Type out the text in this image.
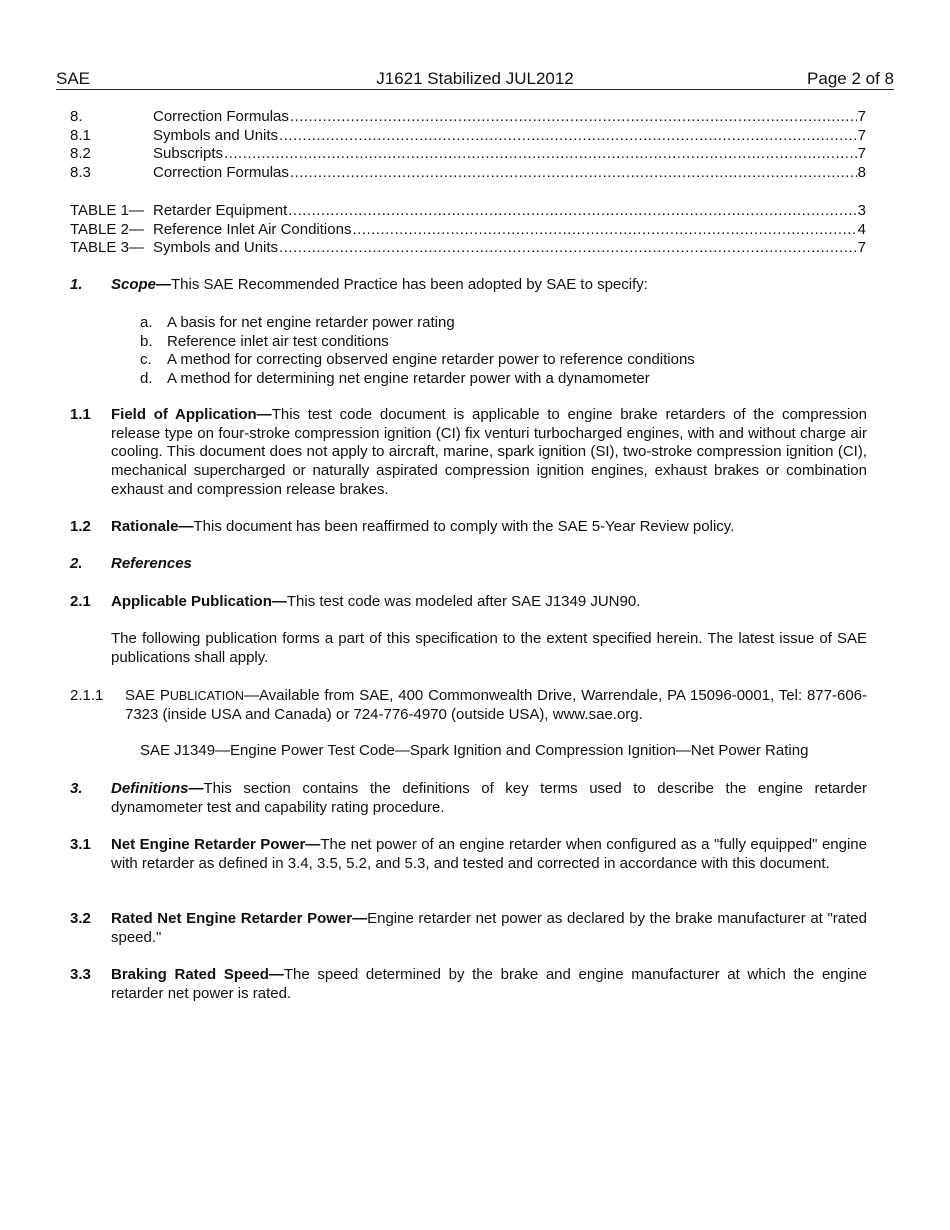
SAE	J1621 Stabilized JUL2012	Page 2 of 8
8.	Correction Formulas .....	7
8.1	Symbols and Units .....	7
8.2	Subscripts .....	7
8.3	Correction Formulas .....	8
TABLE 1— Retarder Equipment .....	3
TABLE 2— Reference Inlet Air Conditions .....	4
TABLE 3— Symbols and Units .....	7
1. Scope—This SAE Recommended Practice has been adopted by SAE to specify:
a. A basis for net engine retarder power rating
b. Reference inlet air test conditions
c.	A method for correcting observed engine retarder power to reference conditions
d. A method for determining net engine retarder power with a dynamometer
1.1 Field of Application—This test code document is applicable to engine brake retarders of the compression release type on four-stroke compression ignition (CI) fix venturi turbocharged engines, with and without charge air cooling. This document does not apply to aircraft, marine, spark ignition (SI), two-stroke compression ignition (CI), mechanical supercharged or naturally aspirated compression ignition engines, exhaust brakes or combination exhaust and compression release brakes.
1.2 Rationale—This document has been reaffirmed to comply with the SAE 5-Year Review policy.
2. References
2.1 Applicable Publication—This test code was modeled after SAE J1349 JUN90.
The following publication forms a part of this specification to the extent specified herein. The latest issue of SAE publications shall apply.
2.1.1 SAE PUBLICATION—Available from SAE, 400 Commonwealth Drive, Warrendale, PA 15096-0001, Tel: 877-606-7323 (inside USA and Canada) or 724-776-4970 (outside USA), www.sae.org.
SAE J1349—Engine Power Test Code—Spark Ignition and Compression Ignition—Net Power Rating
3. Definitions—This section contains the definitions of key terms used to describe the engine retarder dynamometer test and capability rating procedure.
3.1 Net Engine Retarder Power—The net power of an engine retarder when configured as a "fully equipped" engine with retarder as defined in 3.4, 3.5, 5.2, and 5.3, and tested and corrected in accordance with this document.
3.2 Rated Net Engine Retarder Power—Engine retarder net power as declared by the brake manufacturer at "rated speed."
3.3 Braking Rated Speed—The speed determined by the brake and engine manufacturer at which the engine retarder net power is rated.
